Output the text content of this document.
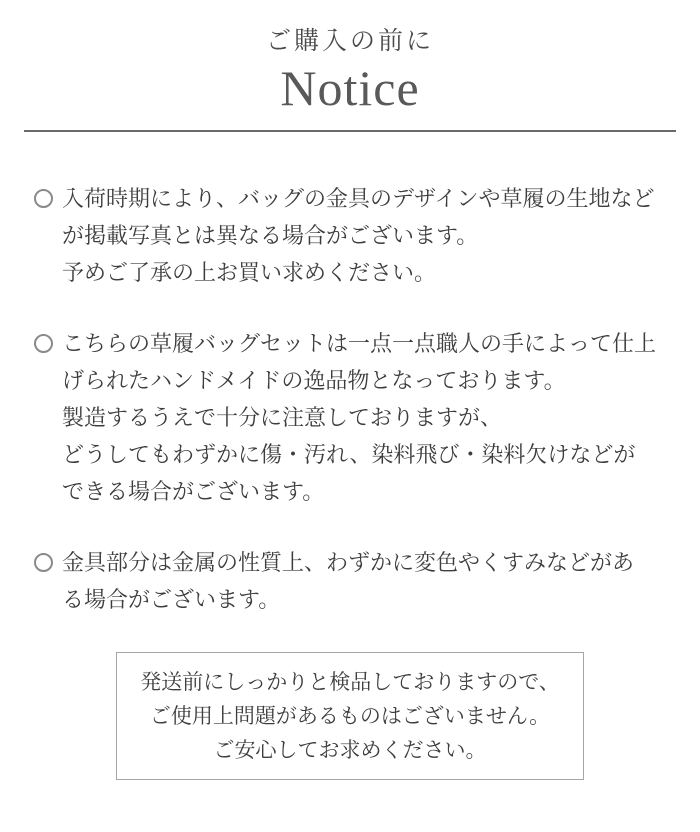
ご購入の前に
Notice
入荷時期により、バッグの金具のデザインや草履の生地など
が掲載写真とは異なる場合がございます。
予めご了承の上お買い求めください。
こちらの草履バッグセットは一点一点職人の手によって仕上
げられたハンドメイドの逸品物となっております。
製造するうえで十分に注意しておりますが、
どうしてもわずかに傷・汚れ、染料飛び・染料欠けなどが
できる場合がございます。
金具部分は金属の性質上、わずかに変色やくすみなどがあ
る場合がございます。
発送前にしっかりと検品しておりますので、
ご使用上問題があるものはございません。
ご安心してお求めください。
